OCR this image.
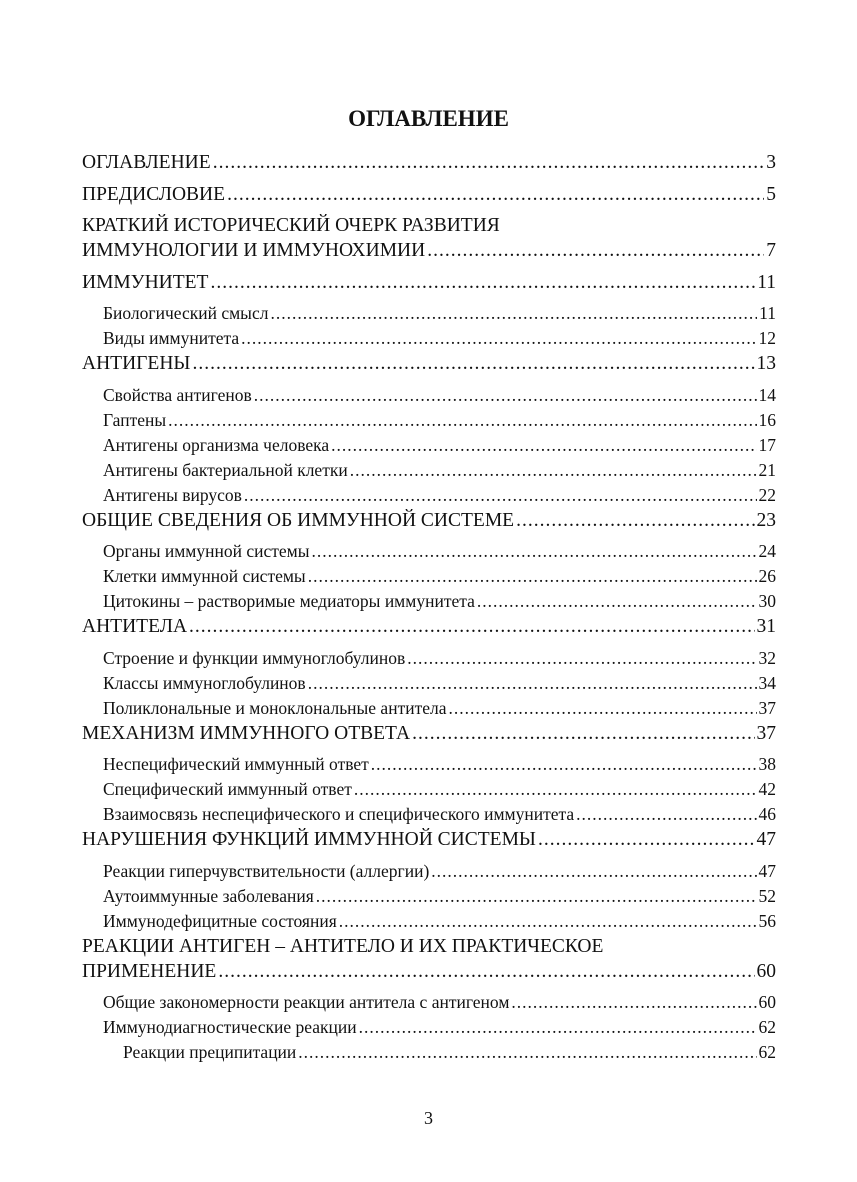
ОГЛАВЛЕНИЕ
ОГЛАВЛЕНИЕ .....	3
ПРЕДИСЛОВИЕ .....	5
КРАТКИЙ ИСТОРИЧЕСКИЙ ОЧЕРК РАЗВИТИЯ
ИММУНОЛОГИИ И ИММУНОХИМИИ .....	7
ИММУНИТЕТ .....	11
Биологический смысл .....	11
Виды иммунитета .....	12
АНТИГЕНЫ .....	13
Свойства антигенов .....	14
Гаптены .....	16
Антигены организма человека .....	17
Антигены бактериальной клетки .....	21
Антигены вирусов .....	22
ОБЩИЕ СВЕДЕНИЯ ОБ ИММУННОЙ СИСТЕМЕ .....	23
Органы иммунной системы .....	24
Клетки иммунной системы .....	26
Цитокины – растворимые медиаторы иммунитета .....	30
АНТИТЕЛА .....	31
Строение и функции иммуноглобулинов .....	32
Классы иммуноглобулинов .....	34
Поликлональные и моноклональные антитела .....	37
МЕХАНИЗМ ИММУННОГО ОТВЕТА .....	37
Неспецифический иммунный ответ .....	38
Специфический иммунный ответ .....	42
Взаимосвязь неспецифического и специфического иммунитета .....	46
НАРУШЕНИЯ ФУНКЦИЙ ИММУННОЙ СИСТЕМЫ .....	47
Реакции гиперчувствительности (аллергии) .....	47
Аутоиммунные заболевания .....	52
Иммунодефицитные состояния .....	56
РЕАКЦИИ АНТИГЕН – АНТИТЕЛО И ИХ ПРАКТИЧЕСКОЕ
ПРИМЕНЕНИЕ .....	60
Общие закономерности реакции антитела с антигеном .....	60
Иммунодиагностические реакции .....	62
Реакции преципитации .....	62
3
